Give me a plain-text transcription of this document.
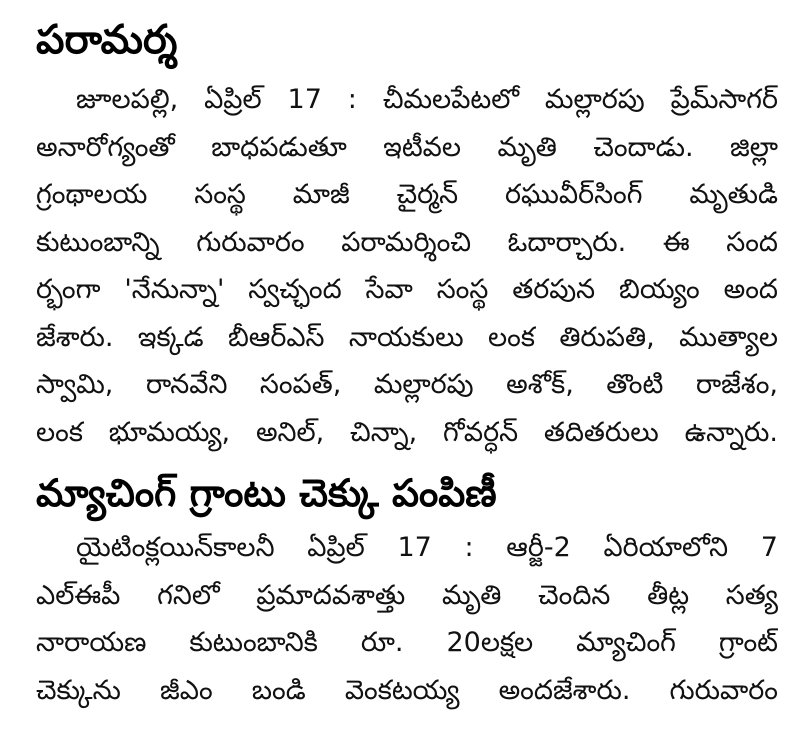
పరామర్శ
జూలపల్లి, ఏప్రిల్ 17 : చీమలపేటలో మల్లారపు ప్రేమ్‌సాగర్
అనారోగ్యంతో బాధపడుతూ ఇటీవల మృతి చెందాడు. జిల్లా
గ్రంథాలయ సంస్థ మాజీ చైర్మన్ రఘువీర్‌సింగ్ మృతుడి
కుటుంబాన్ని గురువారం పరామర్శించి ఓదార్చారు. ఈ సంద
ర్భంగా 'నేనున్నా' స్వచ్ఛంద సేవా సంస్థ తరపున బియ్యం అంద
జేశారు. ఇక్కడ బీఆర్‌ఎస్ నాయకులు లంక తిరుపతి, ముత్యాల
స్వామి, రానవేని సంపత్, మల్లారపు అశోక్, తొంటి రాజేశం,
లంక భూమయ్య, అనిల్, చిన్నా, గోవర్ధన్ తదితరులు ఉన్నారు.
మ్యాచింగ్ గ్రాంటు చెక్కు పంపిణీ
యైటింక్లయిన్‌కాలనీ ఏప్రిల్ 17 : ఆర్జీ-2 ఏరియాలోని 7
ఎల్ఈపీ గనిలో ప్రమాదవశాత్తు మృతి చెందిన తీట్ల సత్య
నారాయణ కుటుంబానికి రూ. 20లక్షల మ్యాచింగ్ గ్రాంట్
చెక్కును జీఎం బండి వెంకటయ్య అందజేశారు. గురువారం
